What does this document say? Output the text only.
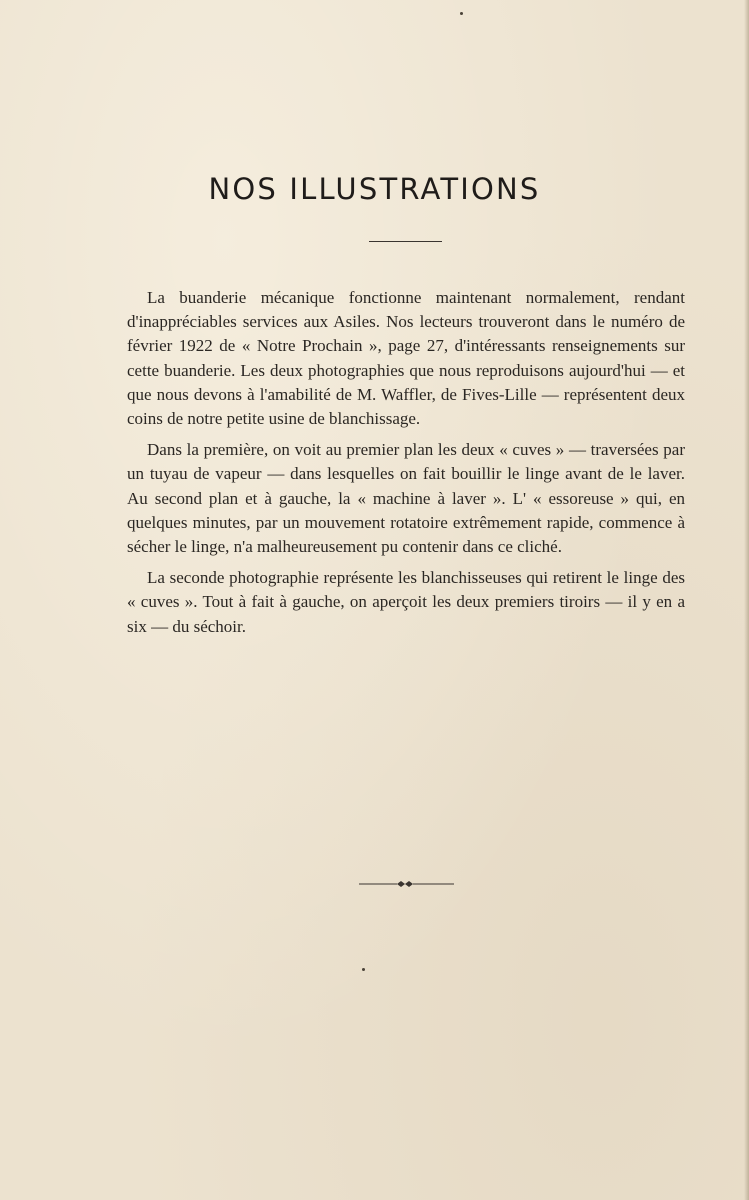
NOS ILLUSTRATIONS

La buanderie mécanique fonctionne maintenant normalement, rendant d'inappréciables services aux Asiles. Nos lecteurs trouveront dans le numéro de février 1922 de « Notre Prochain », page 27, d'intéressants renseignements sur cette buanderie. Les deux photographies que nous reproduisons aujourd'hui — et que nous devons à l'amabilité de M. Waffler, de Fives-Lille — représentent deux coins de notre petite usine de blanchissage.

Dans la première, on voit au premier plan les deux « cuves » — traversées par un tuyau de vapeur — dans lesquelles on fait bouillir le linge avant de le laver. Au second plan et à gauche, la « machine à laver ». L' « essoreuse » qui, en quelques minutes, par un mouvement rotatoire extrêmement rapide, commence à sécher le linge, n'a malheureusement pu contenir dans ce cliché.

La seconde photographie représente les blanchisseuses qui retirent le linge des « cuves ». Tout à fait à gauche, on aperçoit les deux premiers tiroirs — il y en a six — du séchoir.
